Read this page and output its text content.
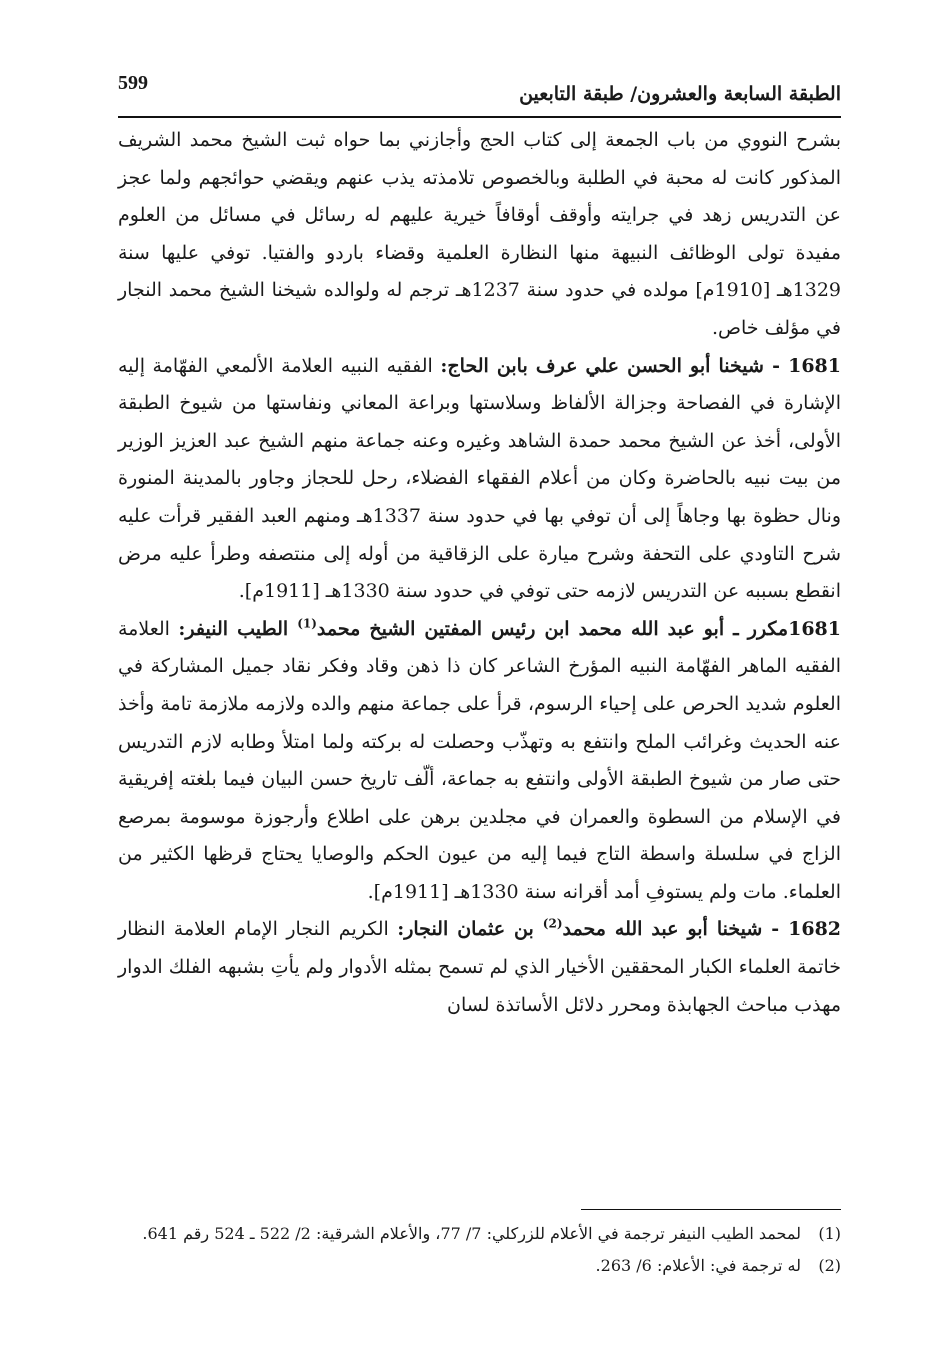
الطبقة السابعة والعشرون/ طبقة التابعين
599

بشرح النووي من باب الجمعة إلى كتاب الحج وأجازني بما حواه ثبت الشيخ محمد الشريف المذكور كانت له محبة في الطلبة وبالخصوص تلامذته يذب عنهم ويقضي حوائجهم ولما عجز عن التدريس زهد في جرايته وأوقف أوقافاً خيرية عليهم له رسائل في مسائل من العلوم مفيدة تولى الوظائف النبيهة منها النظارة العلمية وقضاء باردو والفتيا. توفي عليها سنة 1329هـ [1910م] مولده في حدود سنة 1237هـ ترجم له ولوالده شيخنا الشيخ محمد النجار في مؤلف خاص.

1681 - شيخنا أبو الحسن علي عرف بابن الحاج: الفقيه النبيه العلامة الألمعي الفهّامة إليه الإشارة في الفصاحة وجزالة الألفاظ وسلاستها وبراعة المعاني ونفاستها من شيوخ الطبقة الأولى، أخذ عن الشيخ محمد حمدة الشاهد وغيره وعنه جماعة منهم الشيخ عبد العزيز الوزير من بيت نبيه بالحاضرة وكان من أعلام الفقهاء الفضلاء، رحل للحجاز وجاور بالمدينة المنورة ونال حظوة بها وجاهاً إلى أن توفي بها في حدود سنة 1337هـ ومنهم العبد الفقير قرأت عليه شرح التاودي على التحفة وشرح ميارة على الزقاقية من أوله إلى منتصفه وطرأ عليه مرض انقطع بسببه عن التدريس لازمه حتى توفي في حدود سنة 1330هـ [1911م].

1681مكرر ـ أبو عبد الله محمد ابن رئيس المفتين الشيخ محمد$^{(1)}$ الطيب النيفر: العلامة الفقيه الماهر الفهّامة النبيه المؤرخ الشاعر كان ذا ذهن وقاد وفكر نقاد جميل المشاركة في العلوم شديد الحرص على إحياء الرسوم، قرأ على جماعة منهم والده ولازمه ملازمة تامة وأخذ عنه الحديث وغرائب الملح وانتفع به وتهذّب وحصلت له بركته ولما امتلأ وطابه لازم التدريس حتى صار من شيوخ الطبقة الأولى وانتفع به جماعة، ألّف تاريخ حسن البيان فيما بلغته إفريقية في الإسلام من السطوة والعمران في مجلدين برهن على اطلاع وأرجوزة موسومة بمرصع الزاج في سلسلة واسطة التاج فيما إليه من عيون الحكم والوصايا يحتاج قرظها الكثير من العلماء. مات ولم يستوفِ أمد أقرانه سنة 1330هـ [1911م].

1682 - شيخنا أبو عبد الله محمد$^{(2)}$ بن عثمان النجار: الكريم النجار الإمام العلامة النظار خاتمة العلماء الكبار المحققين الأخيار الذي لم تسمح بمثله الأدوار ولم يأتِ بشبهه الفلك الدوار مهذب مباحث الجهابذة ومحرر دلائل الأساتذة لسان

(1)
لمحمد الطيب النيفر ترجمة في الأعلام للزركلي: 7/ 77، والأعلام الشرقية: 2/ 522 ـ 524 رقم 641.
(2)
له ترجمة في: الأعلام: 6/ 263.
